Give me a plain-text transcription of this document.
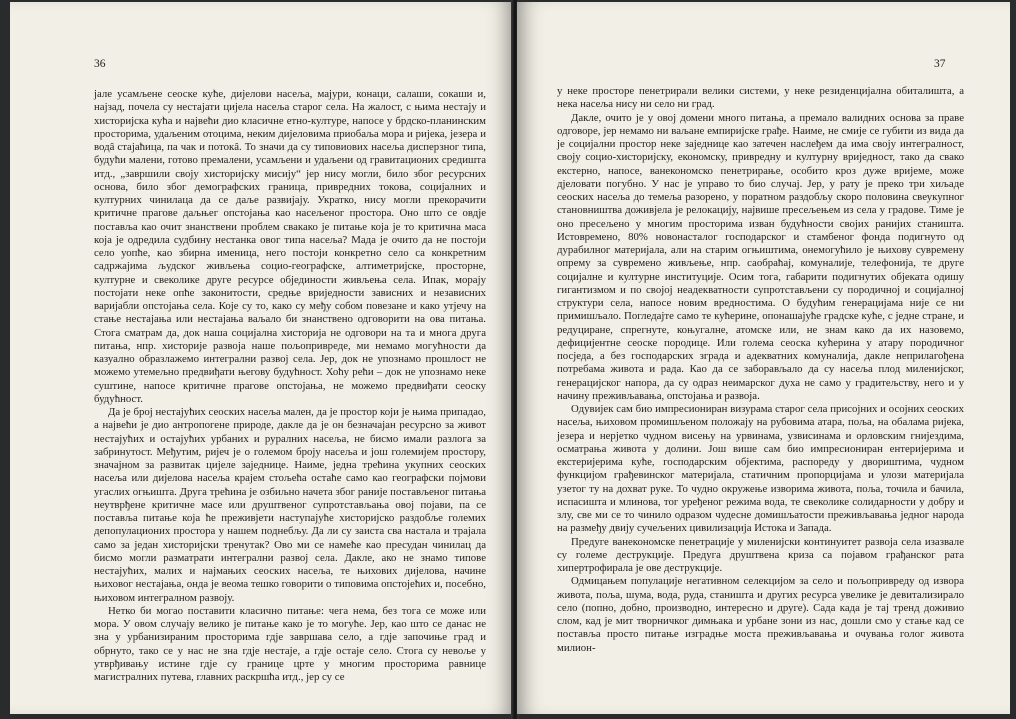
36

јале усамљене сеоске куће, дијелови насеља, мајури, конаци, салаши, сокаши и, најзад, почела су нестајати цијела насеља старог села. На жалост, с њима нестају и хисторијска кућа и највећи дио класичне етно-културе, напосе у брдско-планинским просторима, удаљеним отоцима, неким дијеловима приобаља мора и ријека, језера и водâ стајаћица, па чак и потокâ. То значи да су типовиових насеља дисперзног типа, будући малени, готово премалени, усамљени и удаљени од гравитационих средишта итд., „завршили своју хисторијску мисију“ јер нису могли, било због ресурсних основа, било због демографских граница, привредних токова, социјалних и културних чинилаца да се даље развијају. Укратко, нису могли прекорачити критичне прагове даљњег опстојања као насељеног простора. Оно што се овдје поставља као очит знанствени проблем свакако је питање која је то критична маса која је одредила судбину нестанка овог типа насеља? Мада је очито да не постоји село уопће, као збирна именица, него постоји конкретно село са конкретним садржајима људског живљења социо-географске, алтиметријске, просторне, културне и свеколике друге ресурсе објединости живљења села. Ипак, морају постојати неке опће законитости, средње вриједности зависних и независних варијабли опстојања села. Које су то, како су међу собом повезане и како утјечу на стање нестајања или нестајања ваљало би знанствено одговорити на ова питања. Стога сматрам да, док наша социјална хисторија не одговори на та и многа друга питања, нпр. хисторије развоја наше пољопривреде, ми немамо могућности да казуално образлажемо интегрални развој села. Јер, док не упознамо прошлост не можемо утемељно предвиђати његову будућност. Хоћу рећи – док не упознамо неке суштине, напосе критичне прагове опстојања, не можемо предвиђати сеоску будућност.

Да је број нестајућих сеоских насеља мален, да је простор који је њима припадао, а највећи је дио антропогене природе, дакле да је он безначајан ресурсно за живот нестајућих и остајућих урбаних и руралних насеља, не бисмо имали разлога за забринутост. Међутим, ријеч је о големом броју насеља и још големијем простору, значајном за развитак цијеле заједнице. Наиме, једна трећина укупних сеоских насеља или дијелова насеља крајем стољећа остаће само као географски појмови угаслих огњишта. Друга трећина је озбиљно начета због раније постављеног питања неутврђене критичне масе или друштвеног супротстављања овој појави, па се поставља питање која ће преживјети наступајуће хисторијско раздобље големих депопулационих простора у нашем поднебљу. Да ли су заиста сва настала и трајала само за један хисторијски тренутак? Ово ми се намеће као пресудан чинилац да бисмо могли разматрати интегрални развој села. Дакле, ако не знамо типове нестајућих, малих и најмањих сеоских насеља, те њихових дијелова, начине њиховог нестајања, онда је веома тешко говорити о типовима опстојећих и, посебно, њиховом интегралном развоју.

Нетко би могао поставити класично питање: чега нема, без тога се може или мора. У овом случају велико је питање како је то могуће. Јер, као што се данас не зна у урбанизираним просторима гдје завршава село, а гдје започиње град и обрнуто, тако се у нас не зна гдје нестаје, а гдје остаје село. Стога су невоље у утврђивању истине гдје су границе црте у многим просторима равнице магистралних путева, главних раскршћа итд., јер су се

37

у неке просторе пенетрирали велики системи, у неке резиденцијална обиталишта, а нека насеља нису ни село ни град.

Дакле, очито је у овој домени много питања, а премало валидних основа за праве одговоре, јер немамо ни ваљане емпиријске грађе. Наиме, не смије се губити из вида да је социјални простор неке заједнице као затечен наслеђем да има своју интегралност, своју социо-хисторијску, економску, привредну и културну вриједност, тако да свако екстерно, напосе, ванекономско пенетрирање, особито кроз дуже вријеме, може дјеловати погубно. У нас је управо то био случај. Јер, у рату је преко три хиљаде сеоских насеља до темеља разорено, у поратном раздобљу скоро половина свеукупног становништва доживјела је релокацију, највише пресељењем из села у градове. Тиме је оно пресељено у многим просторима изван будућности својих ранијих станишта. Истовремено, 80% новонасталог господарског и стамбеног фонда подигнуто од дурабилног материјала, али на старим огњиштима, онемогућило је њихову сувремену опрему за сувремено живљење, нпр. саобраћај, комуналије, телефонија, те друге социјалне и културне институције. Осим тога, габарити подигнутих објеката одишу гигантизмом и по својој неадекватности супротстављени су породичној и социјалној структури села, напосе новим вредностима. О будућим генерацијама није се ни примишљало. Погледајте само те кућерине, опонашајуће градске куће, с једне стране, и редуциране, спрегнуте, коњугалне, атомске или, не знам како да их назовемо, дефицијентне сеоске породице. Или голема сеоска кућерина у атару породичног посједа, а без господарских зграда и адекватних комуналија, дакле неприлагођена потребама живота и рада. Као да се заборављало да су насеља плод миленијског, генерацијског напора, да су одраз неимарског духа не само у градитељству, него и у начину преживљавања, опстојања и развоја.

Одувијек сам био импресиониран визурама старог села присојних и осојних сеоских насеља, њиховом промишљеном положају на рубовима атара, поља, на обалама ријека, језера и нерјетко чудном висењу на урвинама, узвисинама и орловским гнијездима, осматрања живота у долини. Још више сам био импресиониран ентеријерима и екстеријерима куће, господарским објектима, распореду у двориштима, чудном функцијом грађевинског материјала, статичним пропорцијама и улози материјала узетог ту на дохват руке. То чудно окружење изворима живота, поља, точила и бачила, испасишта и млинова, тог уређеног режима вода, те свеколике солидарности у добру и злу, све ми се то чинило одразом чудесне домишљатости преживљавања једног народа на размеђу двију сучељених цивилизација Истока и Запада.

Предуге ванекономске пенетрације у миленијски континуитет развоја села изазвале су големе деструкције. Предуга друштвена криза са појавом грађанског рата хипертрофирала је ове деструкције.

Одмицањем популације негативном селекцијом за село и пољопривреду од извора живота, поља, шума, вода, руда, станишта и других ресурса увелике је девитализирало село (попно, добно, производно, интересно и друге). Сада када је тај тренд доживио слом, кад је мит творничког димњака и урбане зони из нас, дошли смо у стање кад се поставља просто питање изградње моста преживљавања и очувања голог живота милион-
